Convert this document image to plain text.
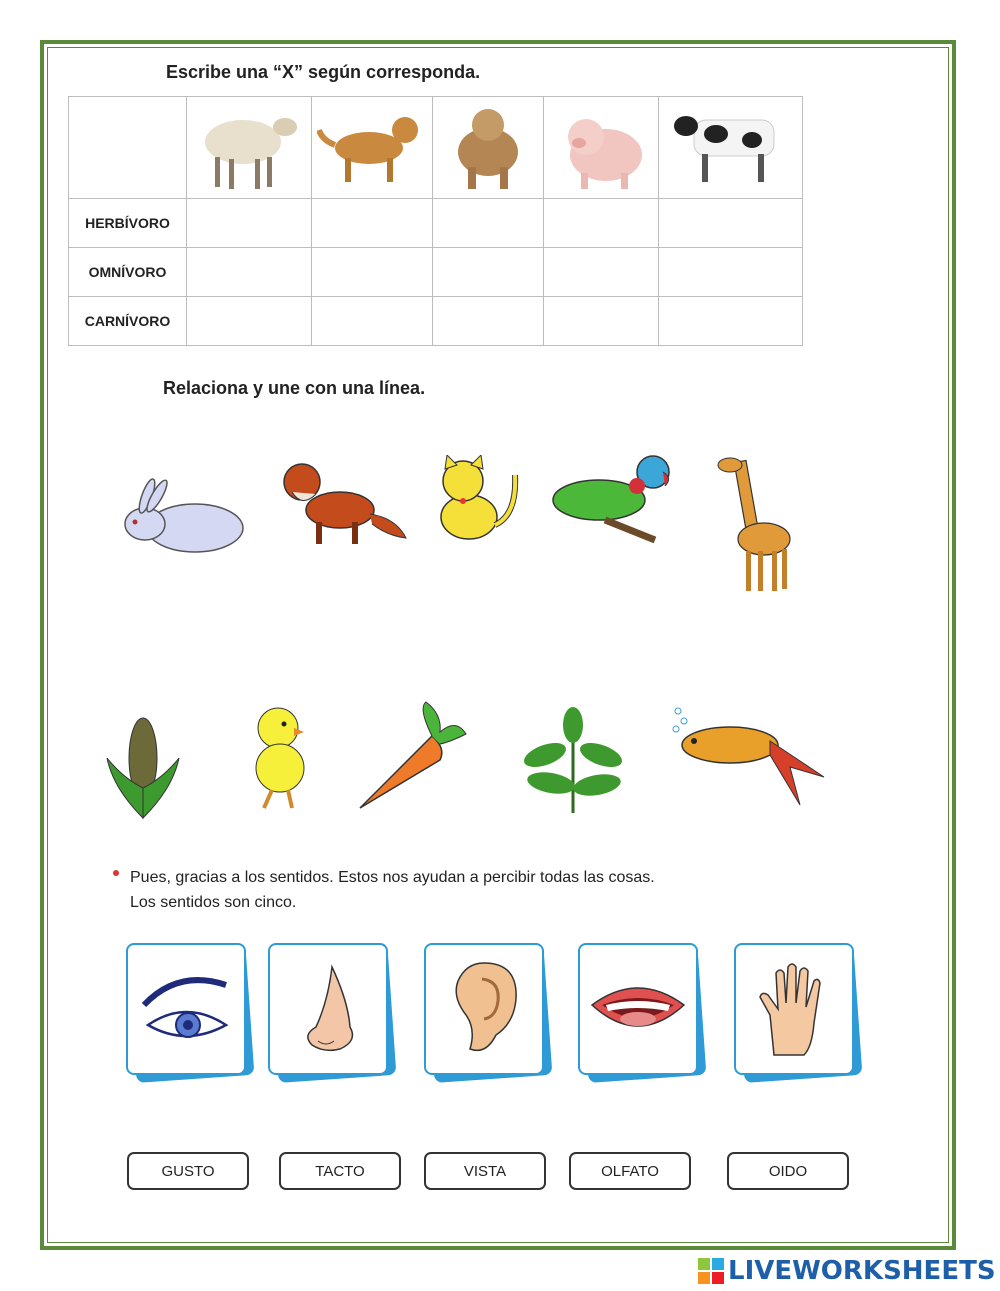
Escribe una “X” según corresponda.

HERBÍVORO					
OMNÍVORO					
CARNÍVORO					
Relaciona y une con una línea.
Pues, gracias a los sentidos. Estos nos ayudan a percibir todas las cosas.
Los sentidos son cinco.
GUSTO	TACTO	VISTA	OLFATO	OIDO
LIVEWORKSHEETS
